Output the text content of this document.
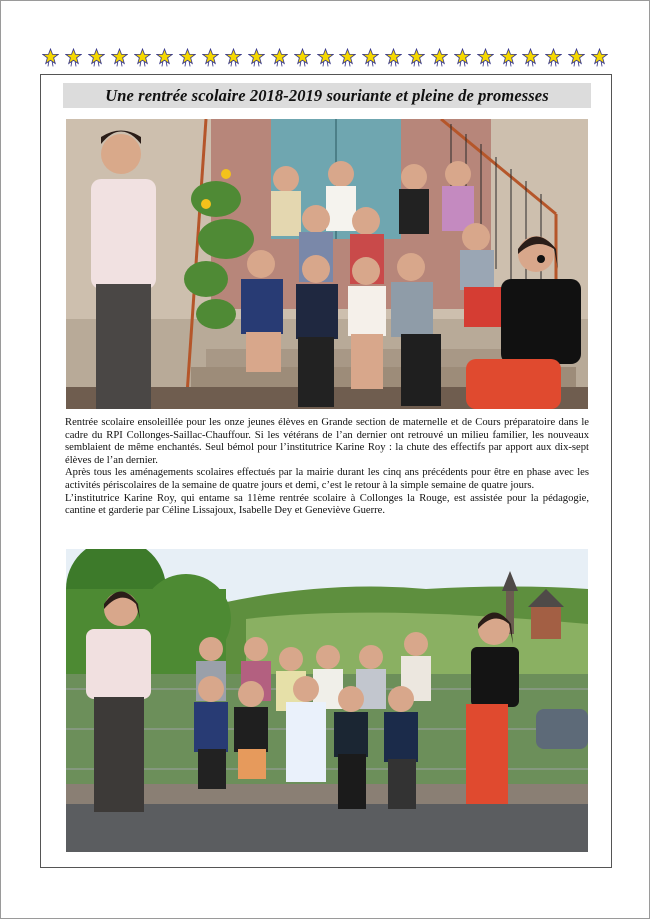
Une rentrée scolaire 2018-2019 souriante et pleine de promesses

Rentrée scolaire ensoleillée pour les onze jeunes élèves en Grande section de maternelle et de Cours préparatoire dans le cadre du RPI Collonges-Saillac-Chauffour. Si les vétérans de l’an dernier ont retrouvé un milieu familier, les nouveaux semblaient de même enchantés. Seul bémol pour l’institutrice Karine Roy : la chute des effectifs par apport aux dix-sept élèves de l’an dernier.

Après tous les aménagements scolaires effectués par la mairie durant les cinq ans précédents pour être en phase avec les activités périscolaires de la semaine de quatre jours et demi, c’est le retour à la simple semaine de quatre jours.

L’institutrice Karine Roy, qui entame sa 11ème rentrée scolaire à Collonges la Rouge, est assistée pour la pédagogie, cantine et garderie par Céline Lissajoux, Isabelle Dey et Geneviève Guerre.
